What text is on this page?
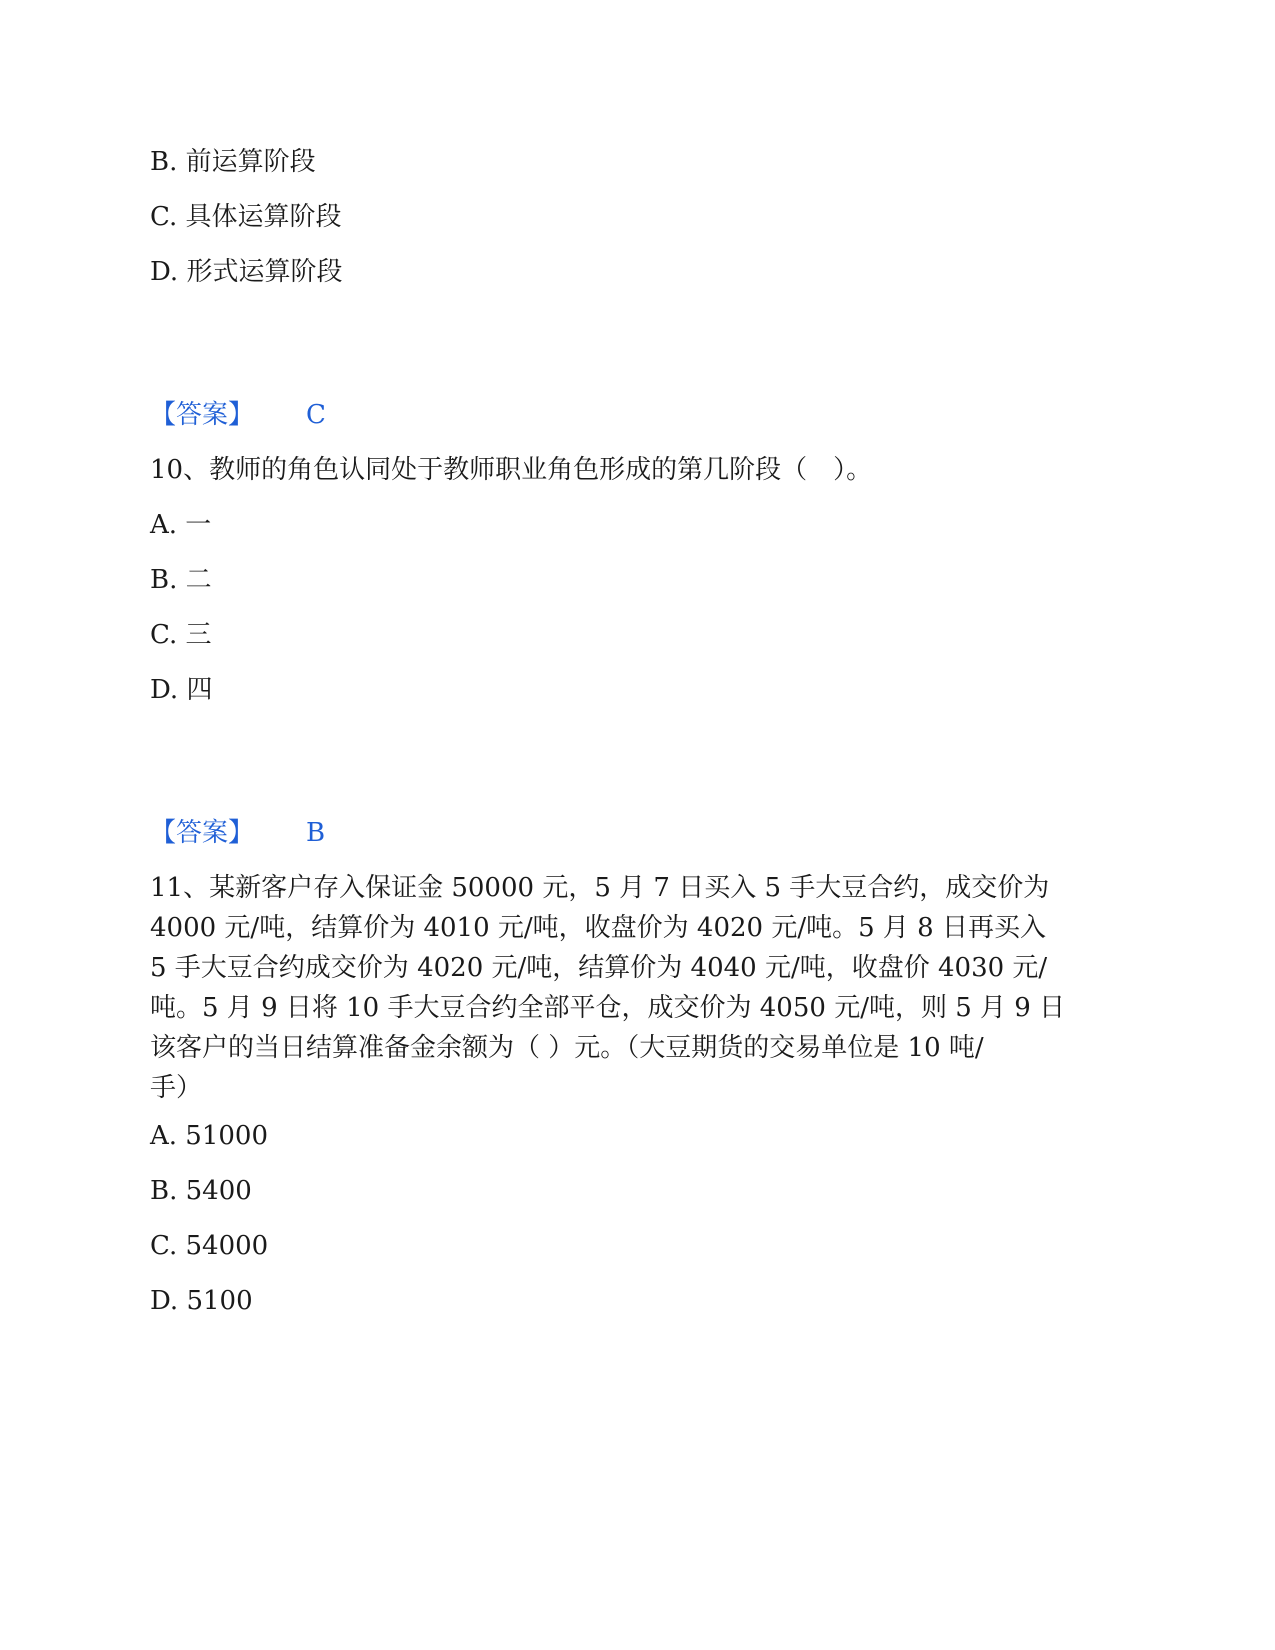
B. 前运算阶段
C. 具体运算阶段
D. 形式运算阶段
【答案】 C
10、教师的角色认同处于教师职业角色形成的第几阶段（　）。
A. 一
B. 二
C. 三
D. 四
【答案】 B
11、某新客户存入保证金 50000 元，5 月 7 日买入 5 手大豆合约，成交价为
4000 元/吨，结算价为 4010 元/吨，收盘价为 4020 元/吨。5 月 8 日再买入
5 手大豆合约成交价为 4020 元/吨，结算价为 4040 元/吨，收盘价 4030 元/
吨。5 月 9 日将 10 手大豆合约全部平仓，成交价为 4050 元/吨，则 5 月 9 日
该客户的当日结算准备金余额为（ ）元。（大豆期货的交易单位是 10 吨/
手）
A. 51000
B. 5400
C. 54000
D. 5100
